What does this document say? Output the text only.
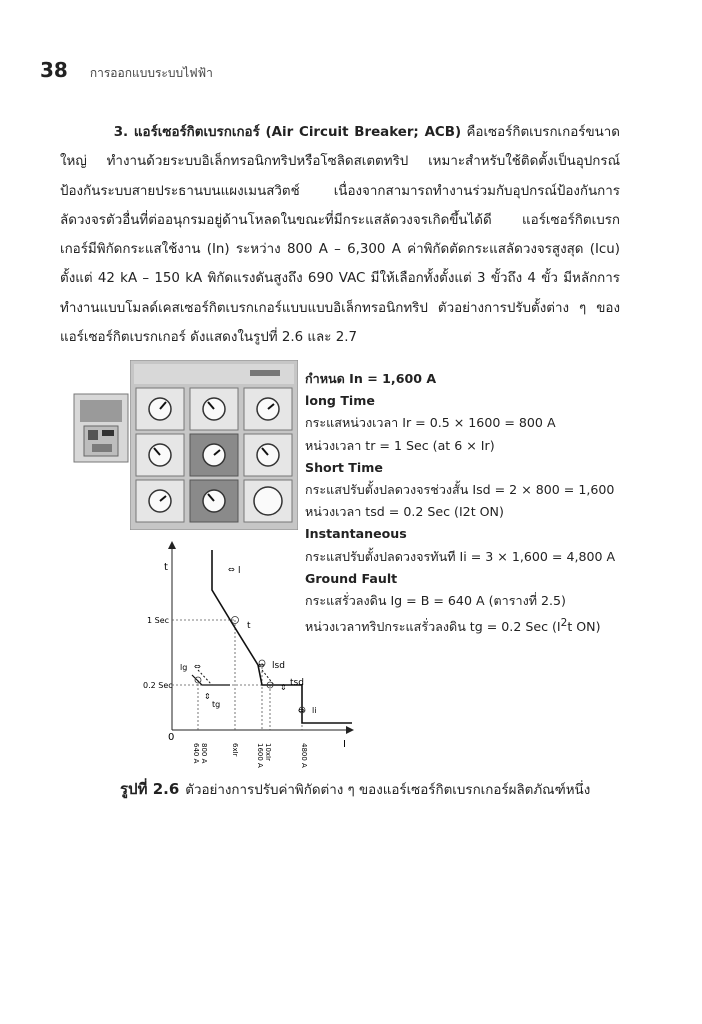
38 การออกแบบระบบไฟฟ้า

3. แอร์เซอร์กิตเบรกเกอร์ (Air Circuit Breaker; ACB) คือเซอร์กิตเบรกเกอร์ขนาดใหญ่ ทำงานด้วยระบบอิเล็กทรอนิกทริปหรือโซลิดสเตตทริป เหมาะสำหรับใช้ติดตั้งเป็นอุปกรณ์ป้องกันระบบสายประธานบนแผงเมนสวิตช์ เนื่องจากสามารถทำงานร่วมกับอุปกรณ์ป้องกันการลัดวงจรตัวอื่นที่ต่ออนุกรมอยู่ด้านโหลดในขณะที่มีกระแสลัดวงจรเกิดขึ้นได้ดี แอร์เซอร์กิตเบรกเกอร์มีพิกัดกระแสใช้งาน (In) ระหว่าง 800 A – 6,300 A ค่าพิกัดตัดกระแสลัดวงจรสูงสุด (Icu) ตั้งแต่ 42 kA – 150 kA พิกัดแรงดันสูงถึง 690 VAC มีให้เลือกทั้งตั้งแต่ 3 ขั้วถึง 4 ขั้ว มีหลักการทำงานแบบโมลด์เคสเซอร์กิตเบรกเกอร์แบบแบบอิเล็กทรอนิกทริป ตัวอย่างการปรับตั้งต่าง ๆ ของแอร์เซอร์กิตเบรกเกอร์ ดังแสดงในรูปที่ 2.6 และ 2.7

t
I
0
1 Sec
0.2 Sec
⇔ l
t
lg ⇔
tg
⇕
⇔ lsd
tsd
⇕
⇔ li
800 A
640 A	6xIr	10xIr
1600 A	4800 A
กำหนด In = 1,600 A
long Time
กระแสหน่วงเวลา Ir = 0.5 × 1600 = 800 A
หน่วงเวลา tr = 1 Sec (at 6 × Ir)
Short Time
กระแสปรับตั้งปลดวงจรช่วงสั้น Isd = 2 × 800 = 1,600
หน่วงเวลา tsd = 0.2 Sec (I2t ON)
Instantaneous
กระแสปรับตั้งปลดวงจรทันที Ii = 3 × 1,600 = 4,800 A
Ground Fault
กระแสรั่วลงดิน Ig = B = 640 A (ตารางที่ 2.5)
หน่วงเวลาทริปกระแสรั่วลงดิน tg = 0.2 Sec ($I^2t$ ON)
รูปที่ 2.6 ตัวอย่างการปรับค่าพิกัดต่าง ๆ ของแอร์เซอร์กิตเบรกเกอร์ผลิตภัณฑ์หนึ่ง
